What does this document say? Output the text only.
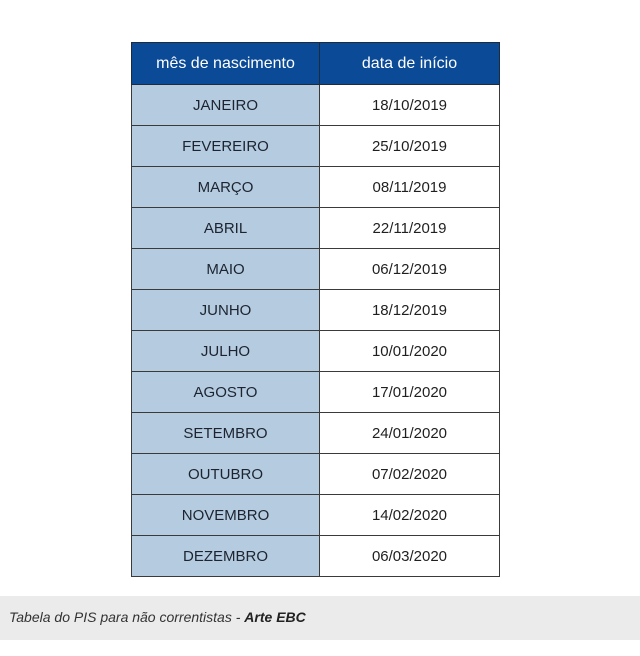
mês de nascimento	data de início
JANEIRO	18/10/2019
FEVEREIRO	25/10/2019
MARÇO	08/11/2019
ABRIL	22/11/2019
MAIO	06/12/2019
JUNHO	18/12/2019
JULHO	10/01/2020
AGOSTO	17/01/2020
SETEMBRO	24/01/2020
OUTUBRO	07/02/2020
NOVEMBRO	14/02/2020
DEZEMBRO	06/03/2020
Tabela do PIS para não correntistas - Arte EBC
